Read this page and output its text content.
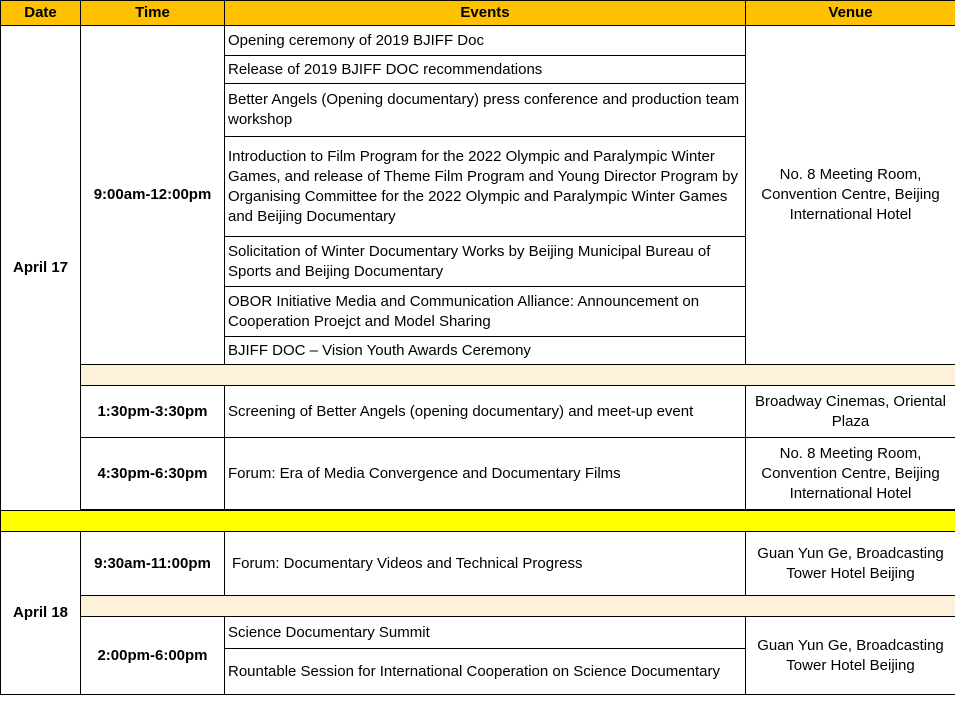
Date	Time	Events	Venue
April 17	9:00am-12:00pm	Opening ceremony of 2019 BJIFF Doc	No. 8 Meeting Room, Convention Centre, Beijing International Hotel
		Release of 2019 BJIFF DOC recommendations	
		Better Angels (Opening documentary) press conference and production team workshop	
		Introduction to Film Program for the 2022 Olympic and Paralympic Winter Games, and release of Theme Film Program and Young Director Program by Organising Committee for the 2022 Olympic and Paralympic Winter Games and Beijing Documentary	
		Solicitation of Winter Documentary Works by Beijing Municipal Bureau of Sports and Beijing Documentary	
		OBOR Initiative Media and Communication Alliance: Announcement on Cooperation Proejct and Model Sharing	
		BJIFF DOC – Vision Youth Awards Ceremony	

	1:30pm-3:30pm	Screening of Better Angels (opening documentary) and meet-up event	Broadway Cinemas, Oriental Plaza
	4:30pm-6:30pm	Forum: Era of Media Convergence and Documentary Films	No. 8 Meeting Room, Convention Centre, Beijing International Hotel

April 18	9:30am-11:00pm	Forum: Documentary Videos and Technical Progress	Guan Yun Ge, Broadcasting Tower Hotel Beijing

	2:00pm-6:00pm	Science Documentary Summit	Guan Yun Ge, Broadcasting Tower Hotel Beijing
		Rountable Session for International Cooperation on Science Documentary	
